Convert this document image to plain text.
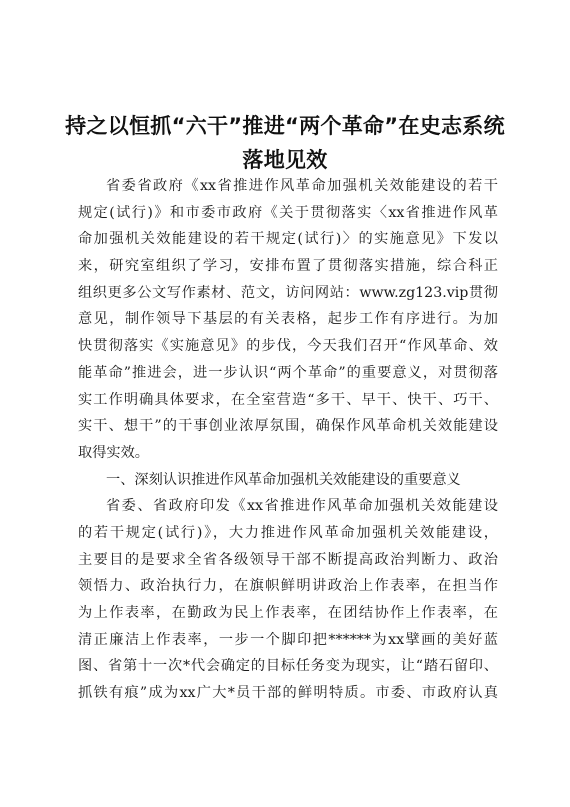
持之以恒抓“六干”推进“两个革命”在史志系统
落地见效
省委省政府《xx省推进作风革命加强机关效能建设的若干
规定(试行)》和市委市政府《关于贯彻落实〈xx省推进作风革
命加强机关效能建设的若干规定(试行)〉的实施意见》下发以
来，研究室组织了学习，安排布置了贯彻落实措施，综合科正
组织更多公文写作素材、范文，访问网站：www.zg123.vip贯彻
意见，制作领导下基层的有关表格，起步工作有序进行。为加
快贯彻落实《实施意见》的步伐，今天我们召开“作风革命、效
能革命”推进会，进一步认识“两个革命”的重要意义，对贯彻落
实工作明确具体要求，在全室营造“多干、早干、快干、巧干、
实干、想干”的干事创业浓厚氛围，确保作风革命机关效能建设
取得实效。
一、深刻认识推进作风革命加强机关效能建设的重要意义
省委、省政府印发《xx省推进作风革命加强机关效能建设
的若干规定(试行)》，大力推进作风革命加强机关效能建设，
主要目的是要求全省各级领导干部不断提高政治判断力、政治
领悟力、政治执行力，在旗帜鲜明讲政治上作表率，在担当作
为上作表率，在勤政为民上作表率，在团结协作上作表率，在
清正廉洁上作表率，一步一个脚印把******为xx擘画的美好蓝
图、省第十一次*代会确定的目标任务变为现实，让“踏石留印、
抓铁有痕”成为xx广大*员干部的鲜明特质。市委、市政府认真
